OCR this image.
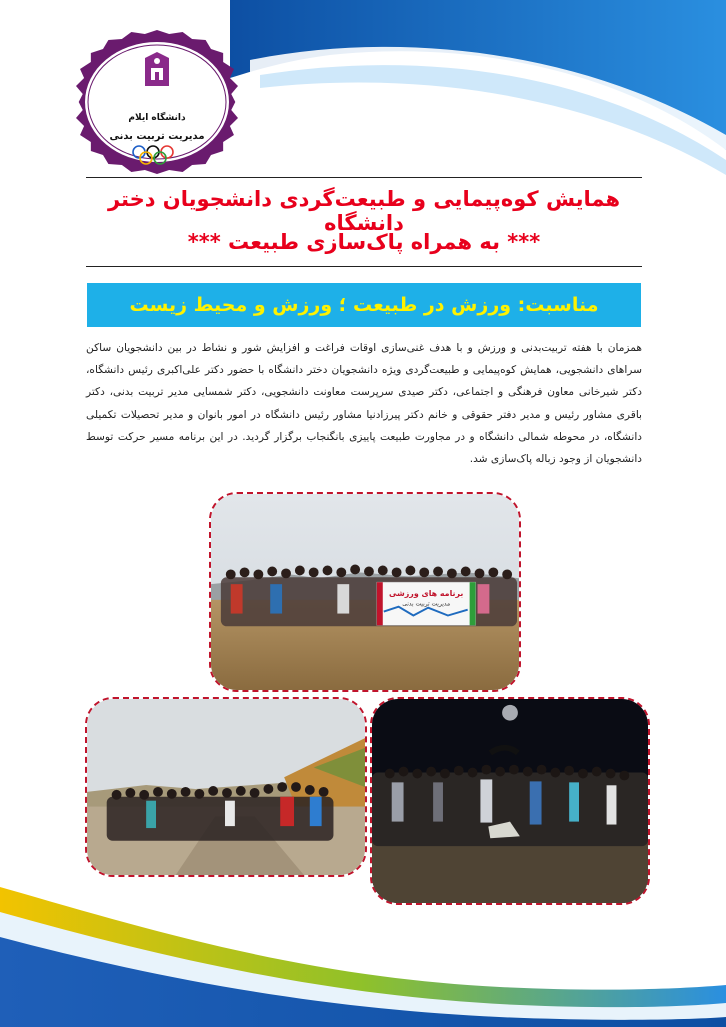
دانشگاه ایلام
مدیریت تربیت بدنی
همایش کوه‌پیمایی و طبیعت‌گردی دانشجویان دختر دانشگاه
*** به همراه پاک‌سازی طبیعت ***
مناسبت: ورزش در طبیعت ؛ ورزش و محیط زیست
همزمان با هفته تربیت‌بدنی و ورزش و با هدف غنی‌سازی اوقات فراغت و افزایش شور و نشاط در بین دانشجویان ساکن سراهای دانشجویی، همایش کوه‌پیمایی و طبیعت‌گردی ویژه دانشجویان دختر دانشگاه با حضور دکتر علی‌اکبری رئیس دانشگاه، دکتر شیرخانی معاون فرهنگی و اجتماعی، دکتر صیدی سرپرست معاونت دانشجویی، دکتر شمسایی مدیر تربیت بدنی، دکتر باقری مشاور رئیس و مدیر دفتر حقوقی و خانم دکتر پیرزادنیا مشاور رئیس دانشگاه در امور بانوان و مدیر تحصیلات تکمیلی دانشگاه، در محوطه شمالی دانشگاه و در مجاورت طبیعت پاییزی بانگنجاب برگزار گردید. در این برنامه مسیر حرکت توسط دانشجویان از وجود زباله پاک‌سازی شد.
برنامه های ورزشی
مدیریت تربیت بدنی
